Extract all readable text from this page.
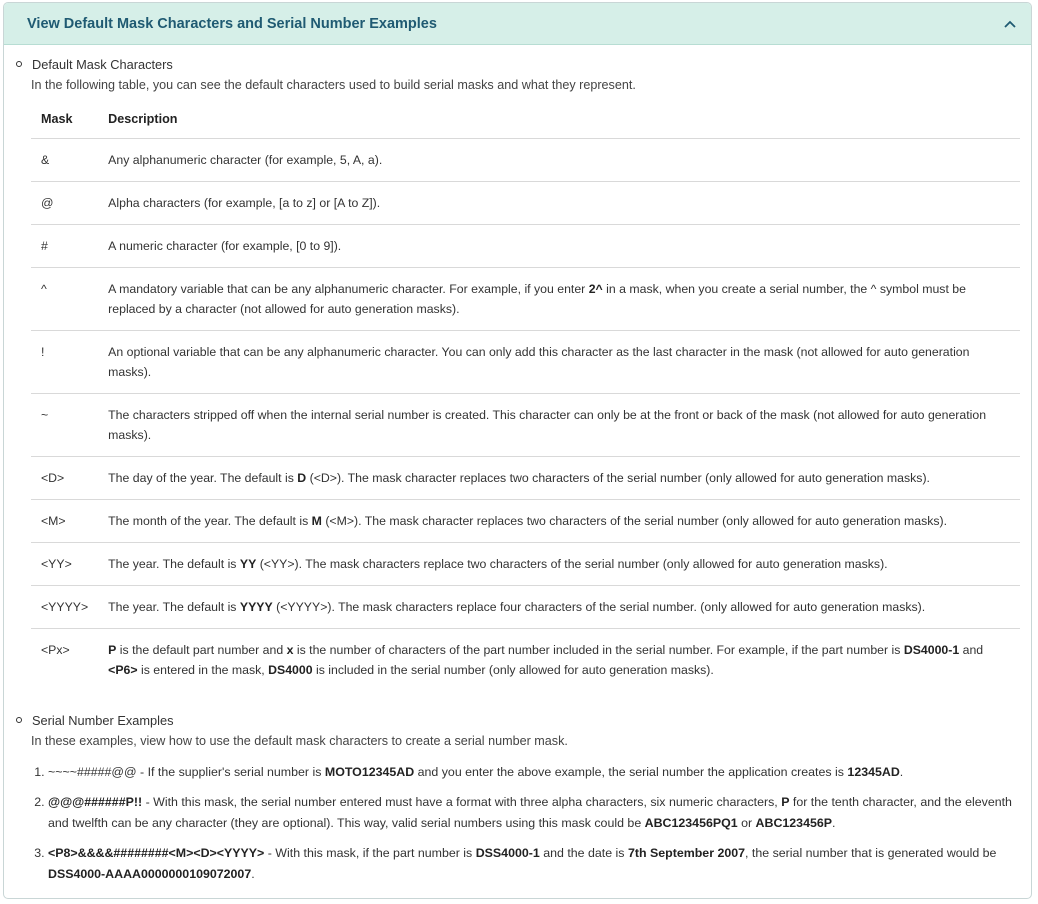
View Default Mask Characters and Serial Number Examples
Default Mask Characters
In the following table, you can see the default characters used to build serial masks and what they represent.
Mask	Description
&	Any alphanumeric character (for example, 5, A, a).
@	Alpha characters (for example, [a to z] or [A to Z]).
#	A numeric character (for example, [0 to 9]).
^	A mandatory variable that can be any alphanumeric character. For example, if you enter 2^ in a mask, when you create a serial number, the ^ symbol must be replaced by a character (not allowed for auto generation masks).
!	An optional variable that can be any alphanumeric character. You can only add this character as the last character in the mask (not allowed for auto generation masks).
~	The characters stripped off when the internal serial number is created. This character can only be at the front or back of the mask (not allowed for auto generation masks).
<D>	The day of the year. The default is D (<D>). The mask character replaces two characters of the serial number (only allowed for auto generation masks).
<M>	The month of the year. The default is M (<M>). The mask character replaces two characters of the serial number (only allowed for auto generation masks).
<YY>	The year. The default is YY (<YY>). The mask characters replace two characters of the serial number (only allowed for auto generation masks).
<YYYY>	The year. The default is YYYY (<YYYY>). The mask characters replace four characters of the serial number. (only allowed for auto generation masks).
<Px>	P is the default part number and x is the number of characters of the part number included in the serial number. For example, if the part number is DS4000-1 and <P6> is entered in the mask, DS4000 is included in the serial number (only allowed for auto generation masks).
Serial Number Examples
In these examples, view how to use the default mask characters to create a serial number mask.
1. ~~~~#####@@ - If the supplier's serial number is MOTO12345AD and you enter the above example, the serial number the application creates is 12345AD.
2. @@@######P!! - With this mask, the serial number entered must have a format with three alpha characters, six numeric characters, P for the tenth character, and the eleventh and twelfth can be any character (they are optional). This way, valid serial numbers using this mask could be ABC123456PQ1 or ABC123456P.
3. <P8>&&&&########<M><D><YYYY> - With this mask, if the part number is DSS4000-1 and the date is 7th September 2007, the serial number that is generated would be DSS4000-AAAA0000000109072007.
